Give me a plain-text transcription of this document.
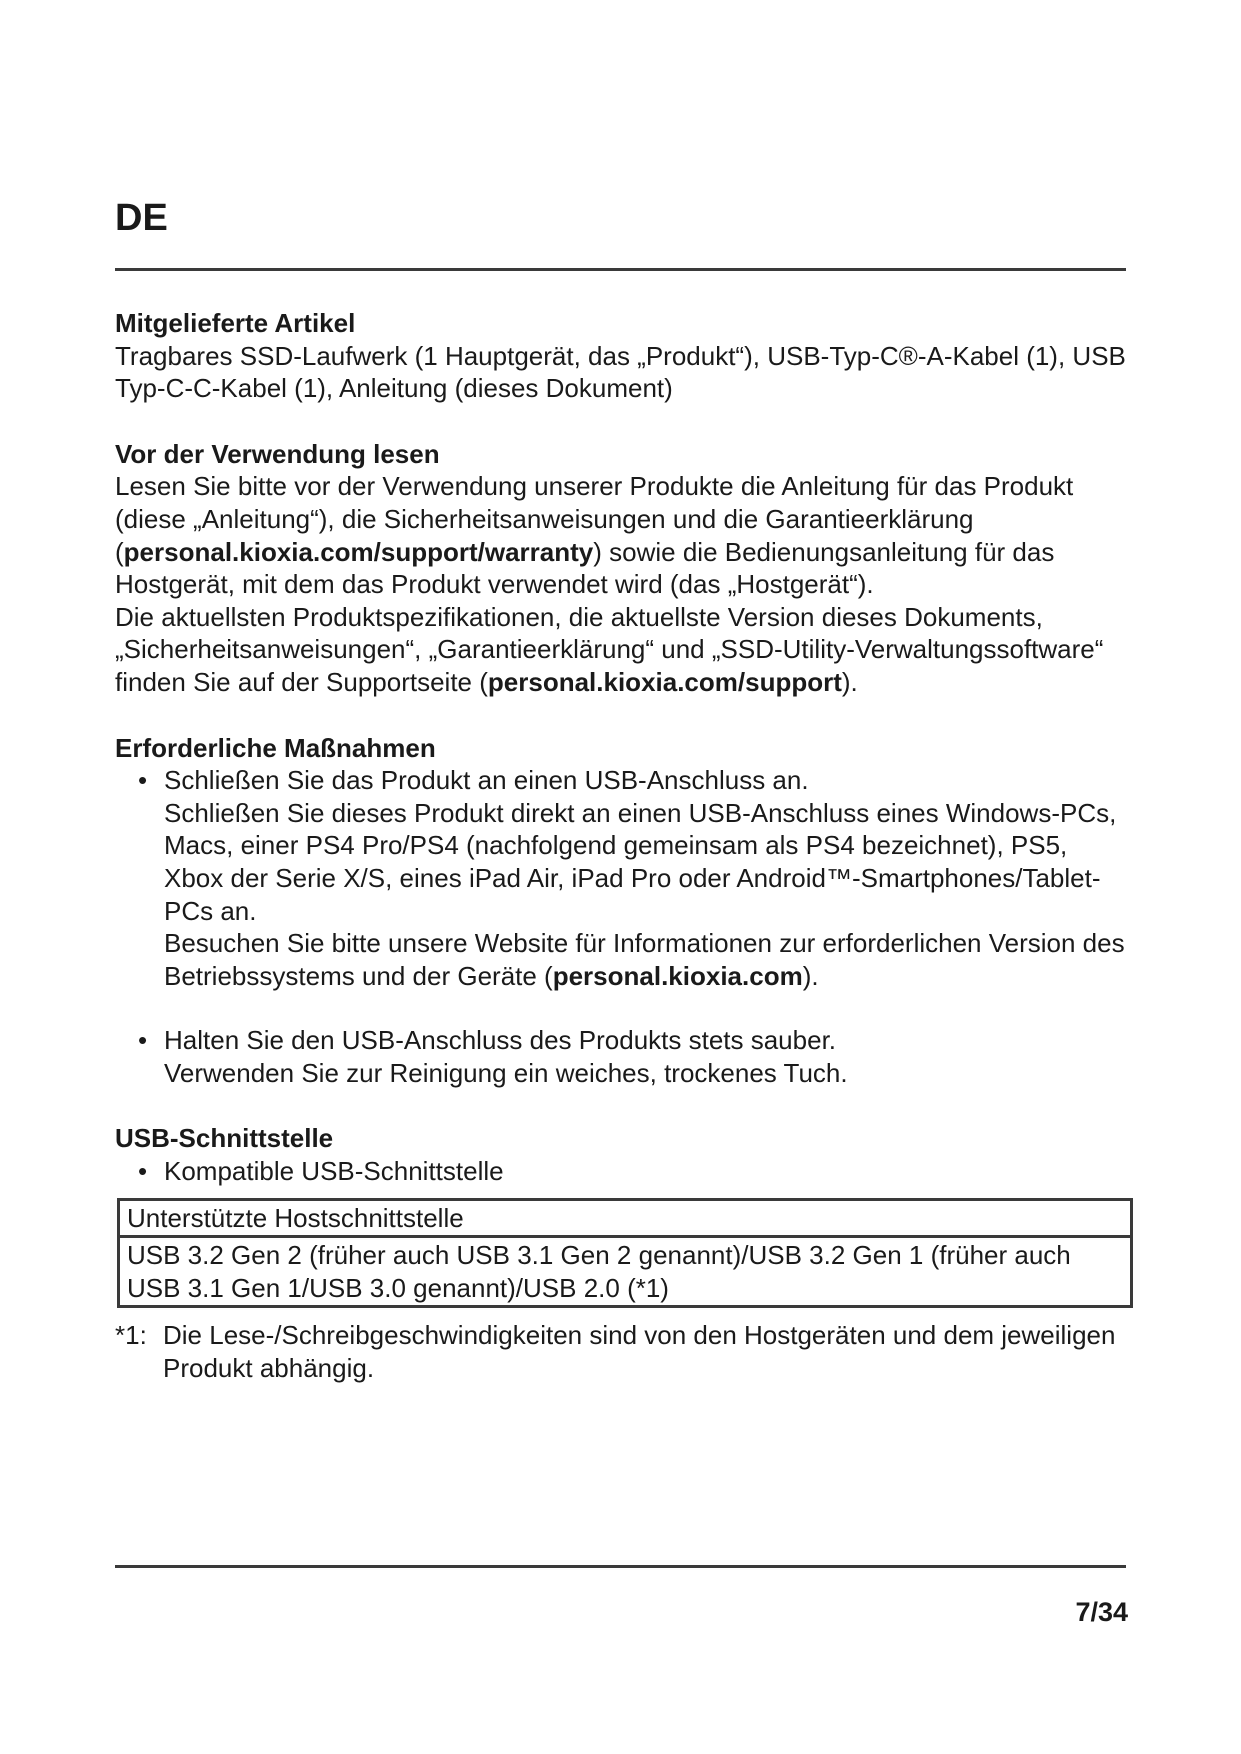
DE

Mitgelieferte Artikel

Tragbares SSD-Laufwerk (1 Hauptgerät, das „Produkt“), USB-Typ-C®-A-Kabel (1), USB Typ-C-C-Kabel (1), Anleitung (dieses Dokument)

Vor der Verwendung lesen

Lesen Sie bitte vor der Verwendung unserer Produkte die Anleitung für das Produkt (diese „Anleitung“), die Sicherheitsanweisungen und die Garantieerklärung (personal.kioxia.com/support/warranty) sowie die Bedienungsanleitung für das Hostgerät, mit dem das Produkt verwendet wird (das „Hostgerät“).

Die aktuellsten Produktspezifikationen, die aktuellste Version dieses Dokuments, „Sicherheitsanweisungen“, „Garantieerklärung“ und „SSD-Utility-Verwaltungssoftware“ finden Sie auf der Supportseite (personal.kioxia.com/support).

Erforderliche Maßnahmen

• Schließen Sie das Produkt an einen USB-Anschluss an.
Schließen Sie dieses Produkt direkt an einen USB-Anschluss eines Windows-PCs, Macs, einer PS4 Pro/PS4 (nachfolgend gemeinsam als PS4 bezeichnet), PS5, Xbox der Serie X/S, eines iPad Air, iPad Pro oder Android™-Smartphones/Tablet-PCs an.
Besuchen Sie bitte unsere Website für Informationen zur erforderlichen Version des Betriebssystems und der Geräte (personal.kioxia.com).
• Halten Sie den USB-Anschluss des Produkts stets sauber.
Verwenden Sie zur Reinigung ein weiches, trockenes Tuch.

USB-Schnittstelle

• Kompatible USB-Schnittstelle
Unterstützte Hostschnittstelle
USB 3.2 Gen 2 (früher auch USB 3.1 Gen 2 genannt)/USB 3.2 Gen 1 (früher auch USB 3.1 Gen 1/USB 3.0 genannt)/USB 2.0 (*1)
*1: Die Lese-/Schreibgeschwindigkeiten sind von den Hostgeräten und dem jeweiligen Produkt abhängig.
7/34
